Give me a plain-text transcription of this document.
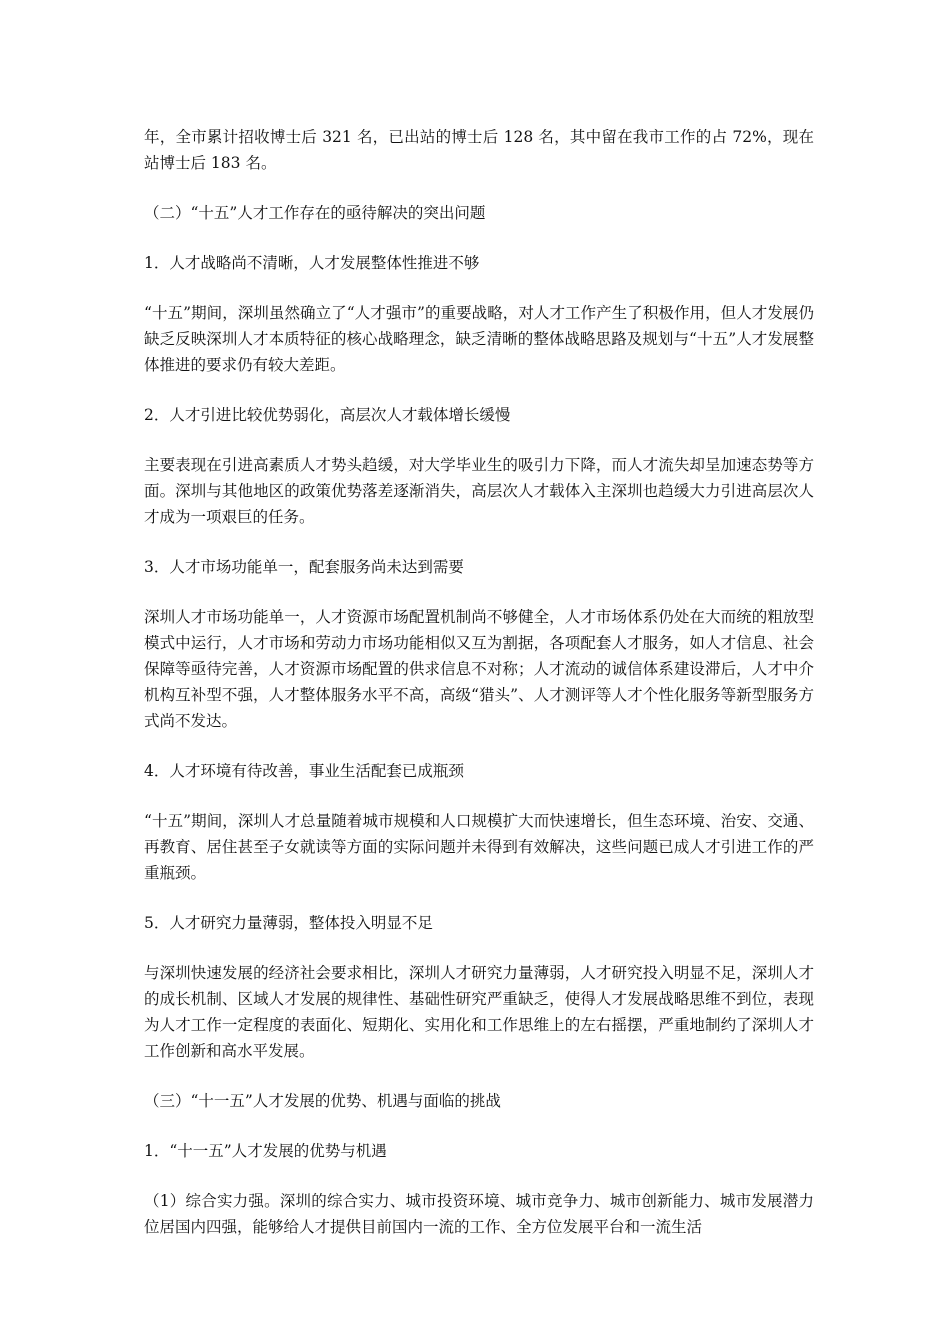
年，全市累计招收博士后 321 名，已出站的博士后 128 名，其中留在我市工作的占 72%，现在站博士后 183 名。

（二）“十五”人才工作存在的亟待解决的突出问题

1．人才战略尚不清晰，人才发展整体性推进不够

“十五”期间，深圳虽然确立了“人才强市”的重要战略，对人才工作产生了积极作用，但人才发展仍缺乏反映深圳人才本质特征的核心战略理念，缺乏清晰的整体战略思路及规划与“十五”人才发展整体推进的要求仍有较大差距。

2．人才引进比较优势弱化，高层次人才载体增长缓慢

主要表现在引进高素质人才势头趋缓，对大学毕业生的吸引力下降，而人才流失却呈加速态势等方面。深圳与其他地区的政策优势落差逐渐消失，高层次人才载体入主深圳也趋缓大力引进高层次人才成为一项艰巨的任务。

3．人才市场功能单一，配套服务尚未达到需要

深圳人才市场功能单一，人才资源市场配置机制尚不够健全，人才市场体系仍处在大而统的粗放型模式中运行，人才市场和劳动力市场功能相似又互为割据，各项配套人才服务，如人才信息、社会保障等亟待完善，人才资源市场配置的供求信息不对称；人才流动的诚信体系建设滞后，人才中介机构互补型不强，人才整体服务水平不高，高级“猎头”、人才测评等人才个性化服务等新型服务方式尚不发达。

4．人才环境有待改善，事业生活配套已成瓶颈

“十五”期间，深圳人才总量随着城市规模和人口规模扩大而快速增长，但生态环境、治安、交通、再教育、居住甚至子女就读等方面的实际问题并未得到有效解决，这些问题已成人才引进工作的严重瓶颈。

5．人才研究力量薄弱，整体投入明显不足

与深圳快速发展的经济社会要求相比，深圳人才研究力量薄弱，人才研究投入明显不足，深圳人才的成长机制、区域人才发展的规律性、基础性研究严重缺乏，使得人才发展战略思维不到位，表现为人才工作一定程度的表面化、短期化、实用化和工作思维上的左右摇摆，严重地制约了深圳人才工作创新和高水平发展。

（三）“十一五”人才发展的优势、机遇与面临的挑战

1．“十一五”人才发展的优势与机遇

（1）综合实力强。深圳的综合实力、城市投资环境、城市竞争力、城市创新能力、城市发展潜力位居国内四强，能够给人才提供目前国内一流的工作、全方位发展平台和一流生活
